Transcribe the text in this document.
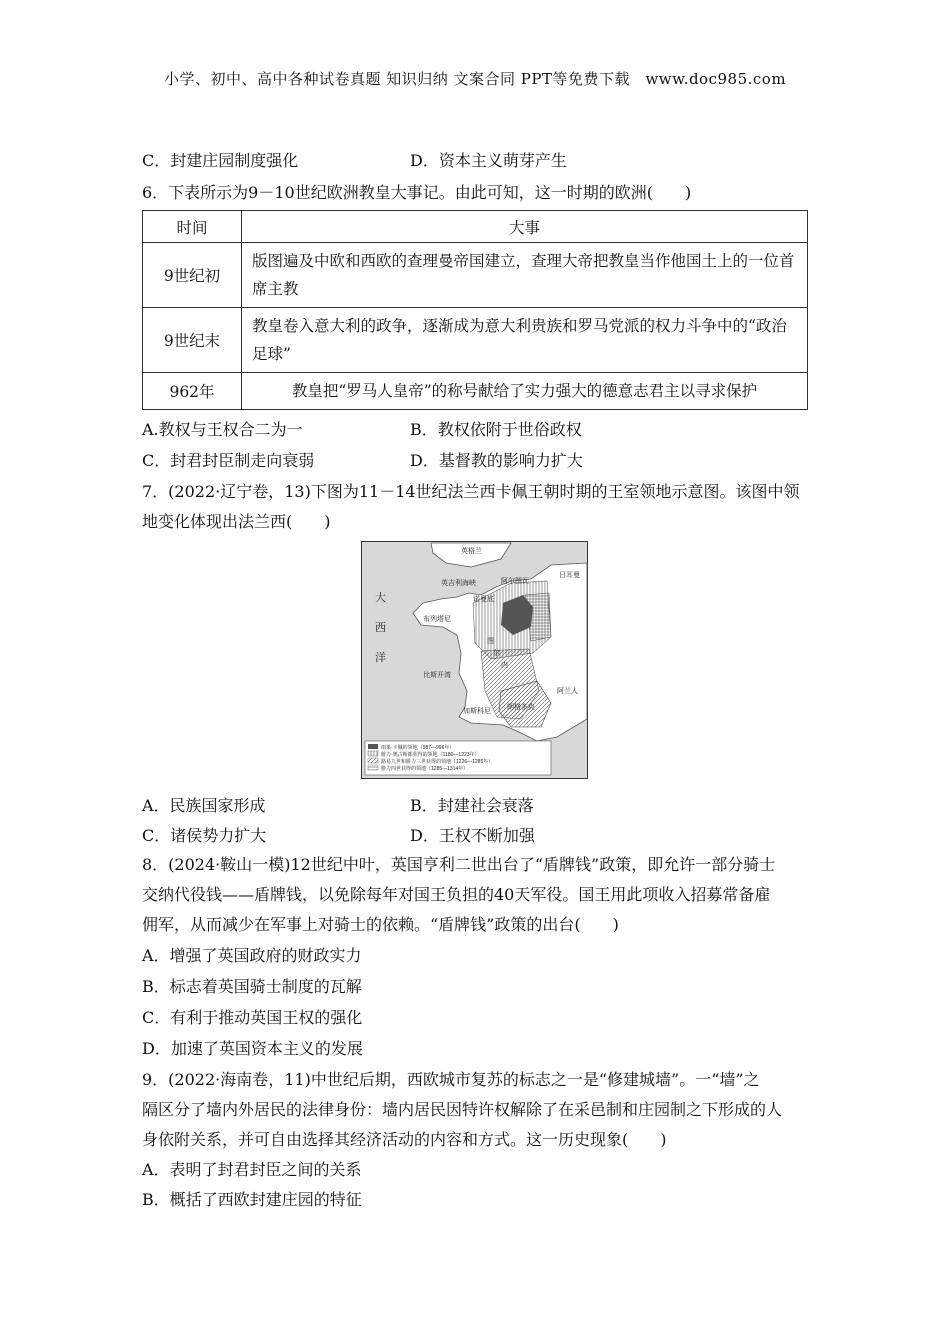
小学、初中、高中各种试卷真题 知识归纳 文案合同 PPT等免费下载　www.doc985.com
C．封建庄园制度强化	D．资本主义萌芽产生
6．下表所示为9－10世纪欧洲教皇大事记。由此可知，这一时期的欧洲(　　)
时间	大事
9世纪初	版图遍及中欧和西欧的查理曼帝国建立，查理大帝把教皇当作他国土上的一位首席主教
9世纪末	教皇卷入意大利的政争，逐渐成为意大利贵族和罗马党派的权力斗争中的“政治足球”
962年	教皇把“罗马人皇帝”的称号献给了实力强大的德意志君主以寻求保护
A.教权与王权合二为一	B．教权依附于世俗政权
C．封君封臣制走向衰弱	D．基督教的影响力扩大
7．(2022·辽宁卷，13)下图为11－14世纪法兰西卡佩王朝时期的王室领地示意图。该图中领
地变化体现出法兰西(　　)
英格兰
英吉利海峡	阿尔图瓦
日耳曼
诺曼底
布列塔尼
图
尔
内
比斯开湾
加斯科尼
朗格多克
阿兰人
大
西
洋
雨果·卡佩的领地（987—996年）
腓力·奥古斯都获得的领地（1180—1223年）
路易九世和腓力三世获得的领地（1226—1285年）
腓力四世获得的领地（1285—1314年）
A．民族国家形成	B．封建社会衰落
C．诸侯势力扩大	D．王权不断加强
8．(2024·鞍山一模)12世纪中叶，英国亨利二世出台了“盾牌钱”政策，即允许一部分骑士
交纳代役钱——盾牌钱，以免除每年对国王负担的40天军役。国王用此项收入招募常备雇
佣军，从而减少在军事上对骑士的依赖。“盾牌钱”政策的出台(　　)
A．增强了英国政府的财政实力
B．标志着英国骑士制度的瓦解
C．有利于推动英国王权的强化
D．加速了英国资本主义的发展
9．(2022·海南卷，11)中世纪后期，西欧城市复苏的标志之一是“修建城墙”。一“墙”之
隔区分了墙内外居民的法律身份：墙内居民因特许权解除了在采邑制和庄园制之下形成的人
身依附关系，并可自由选择其经济活动的内容和方式。这一历史现象(　　)
A．表明了封君封臣之间的关系
B．概括了西欧封建庄园的特征
